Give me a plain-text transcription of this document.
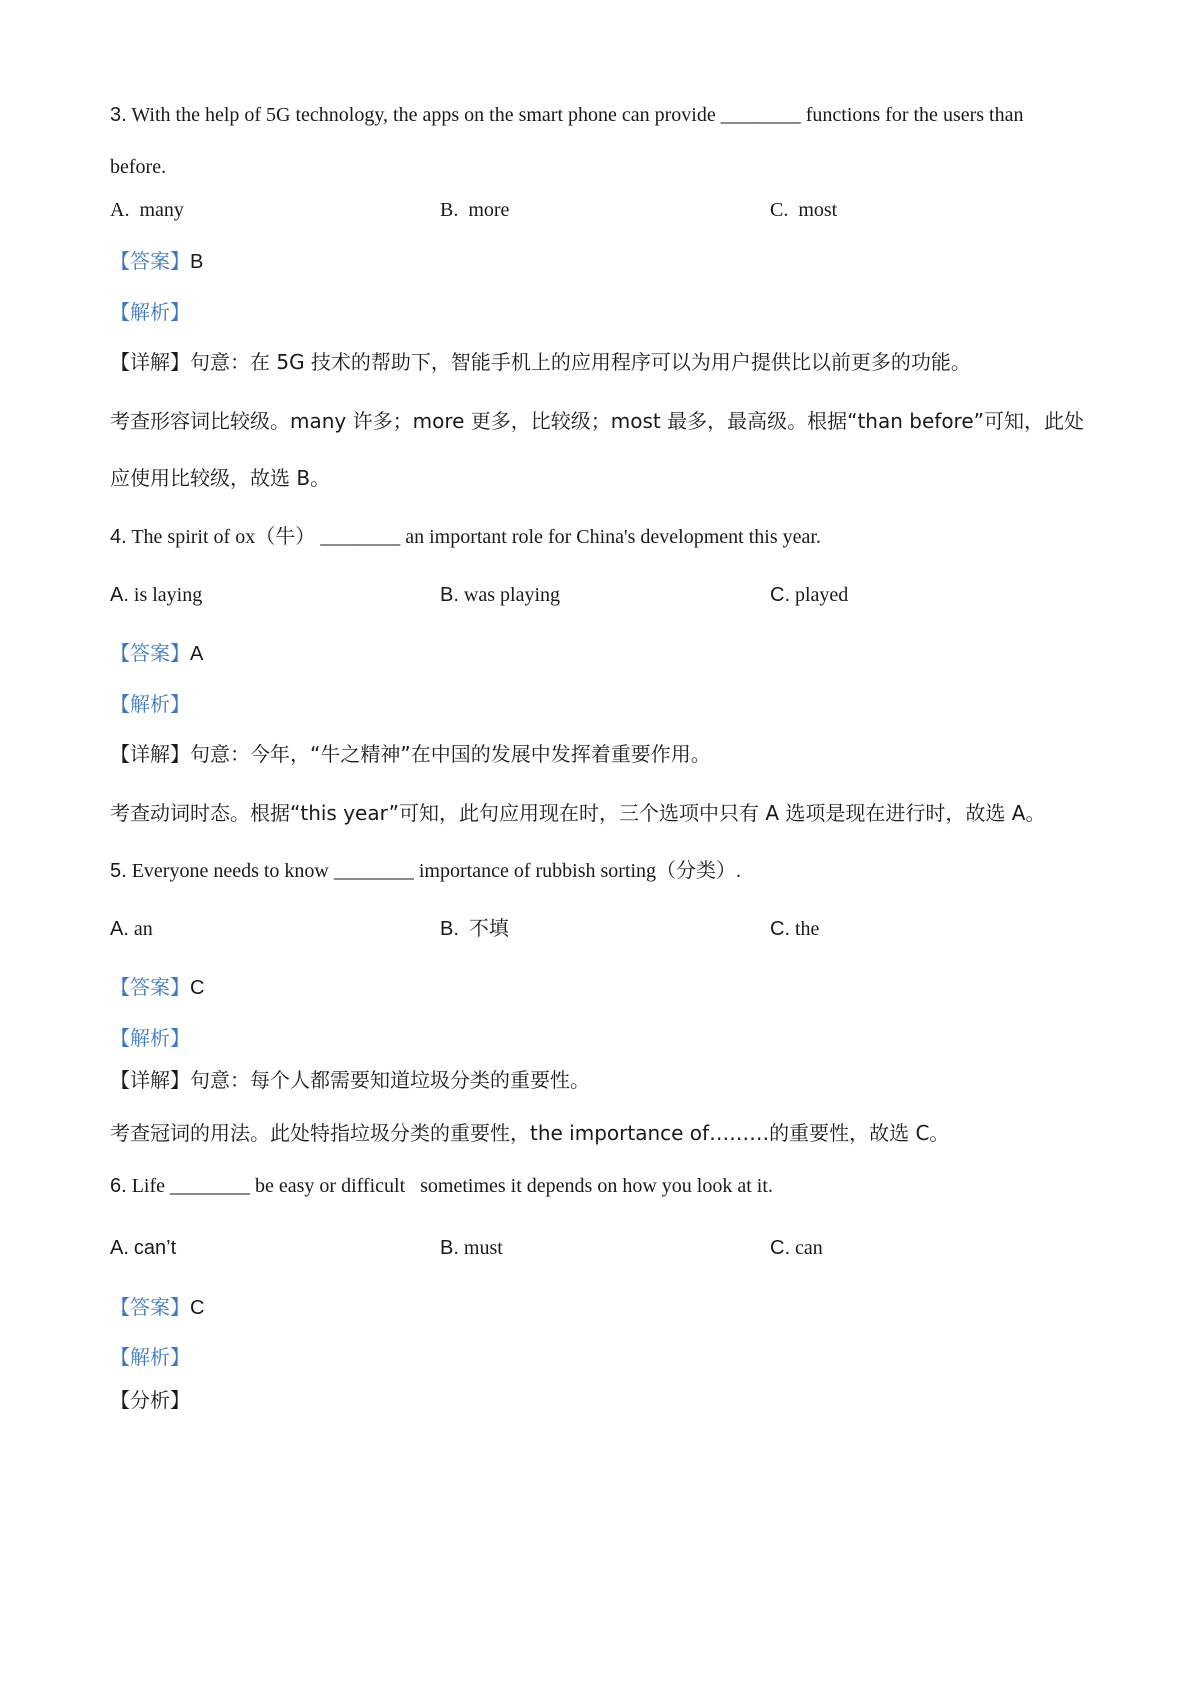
3. With the help of 5G technology, the apps on the smart phone can provide ________ functions for the users than
before.
A. many	B. more	C. most
【答案】B
【解析】
【详解】句意：在 5G 技术的帮助下，智能手机上的应用程序可以为用户提供比以前更多的功能。
考查形容词比较级。many 许多；more 更多，比较级；most 最多，最高级。根据“than before”可知，此处
应使用比较级，故选 B。
4. The spirit of ox（牛） ________ an important role for China's development this year.
A. is laying	B. was playing	C. played
【答案】A
【解析】
【详解】句意：今年，“牛之精神”在中国的发展中发挥着重要作用。
考查动词时态。根据“this year”可知，此句应用现在时，三个选项中只有 A 选项是现在进行时，故选 A。
5. Everyone needs to know ________ importance of rubbish sorting（分类）.
A. an	B. 不填	C. the
【答案】C
【解析】
【详解】句意：每个人都需要知道垃圾分类的重要性。
考查冠词的用法。此处特指垃圾分类的重要性，the importance of………的重要性，故选 C。
6. Life ________ be easy or difficult   sometimes it depends on how you look at it.
A. can’t	B. must	C. can
【答案】C
【解析】
【分析】
